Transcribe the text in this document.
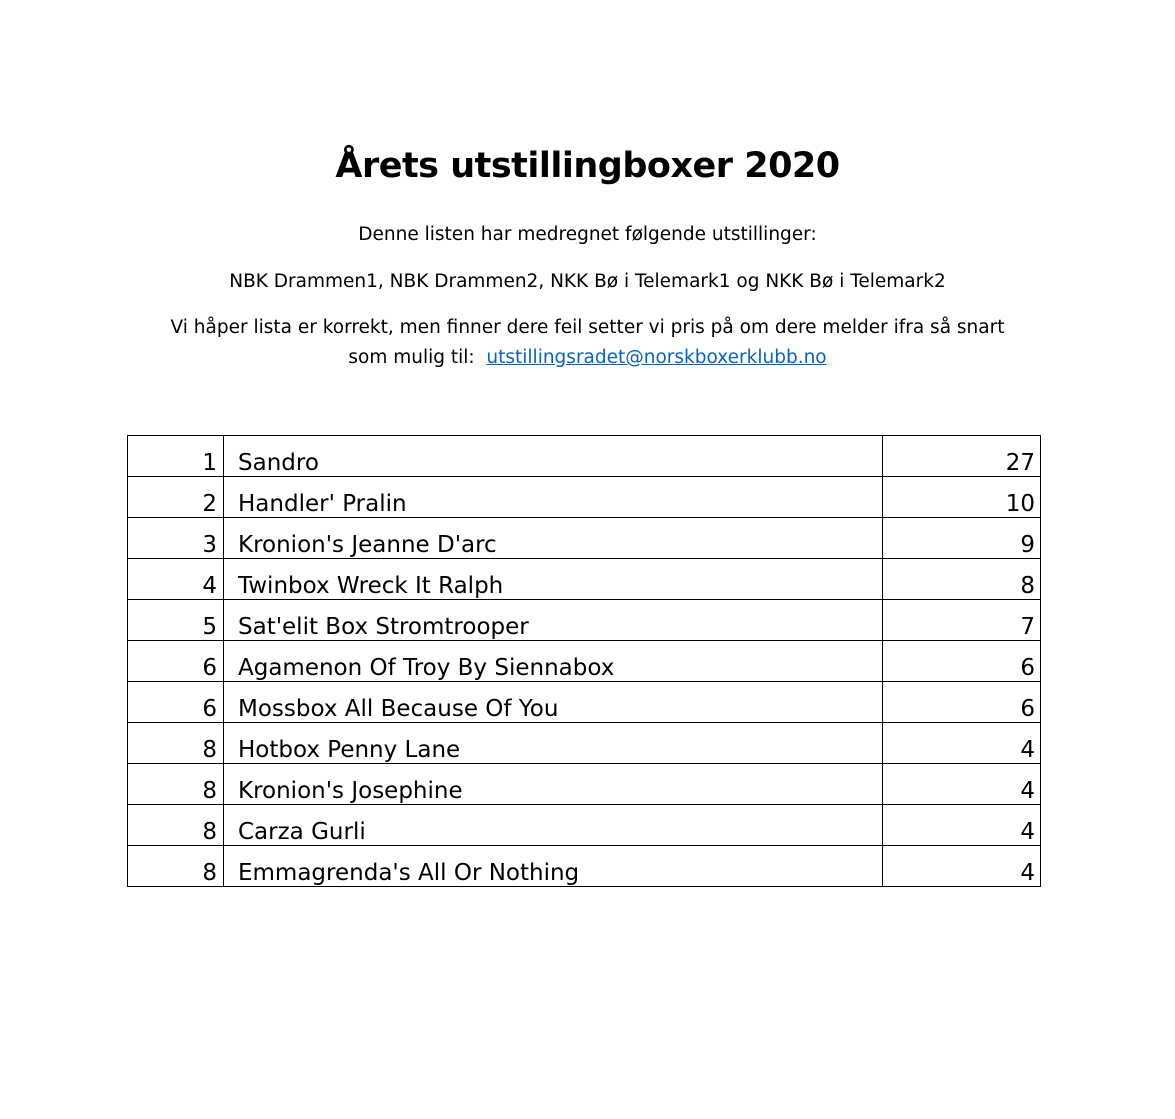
Årets utstillingboxer 2020
Denne listen har medregnet følgende utstillinger:
NBK Drammen1, NBK Drammen2, NKK Bø i Telemark1 og NKK Bø i Telemark2
Vi håper lista er korrekt, men finner dere feil setter vi pris på om dere melder ifra så snart
som mulig til: utstillingsradet@norskboxerklubb.no
1	Sandro	27
2	Handler' Pralin	10
3	Kronion's Jeanne D'arc	9
4	Twinbox Wreck It Ralph	8
5	Sat'elit Box Stromtrooper	7
6	Agamenon Of Troy By Siennabox	6
6	Mossbox All Because Of You	6
8	Hotbox Penny Lane	4
8	Kronion's Josephine	4
8	Carza Gurli	4
8	Emmagrenda's All Or Nothing	4
